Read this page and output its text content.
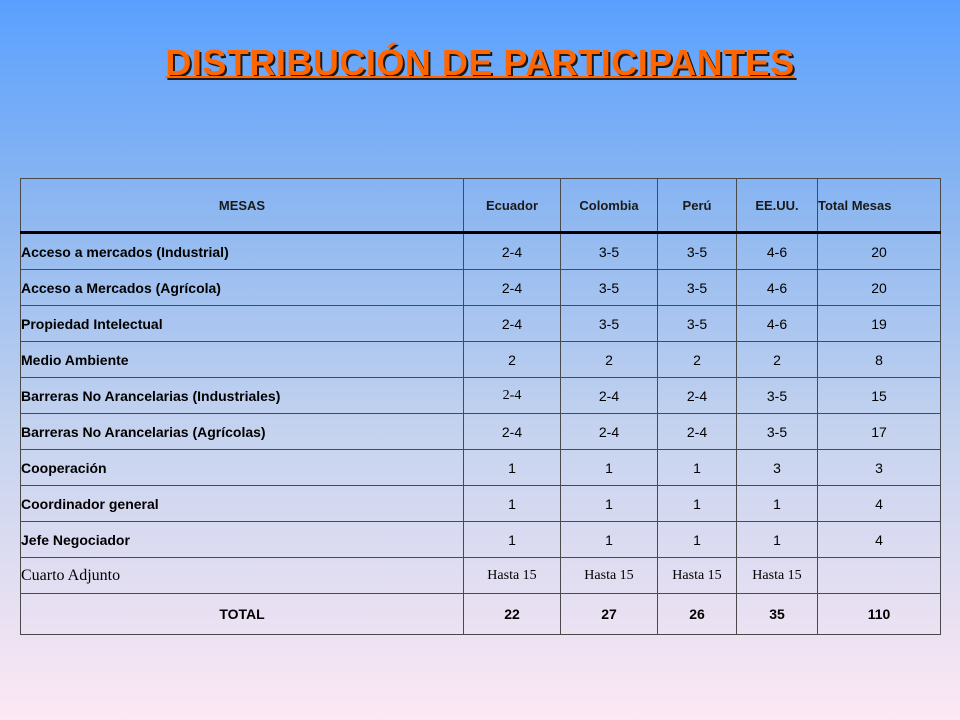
DISTRIBUCIÓN DE PARTICIPANTES
MESAS	Ecuador	Colombia	Perú	EE.UU.	Total Mesas
Acceso a mercados (Industrial)	2-4	3-5	3-5	4-6	20
Acceso a Mercados (Agrícola)	2-4	3-5	3-5	4-6	20
Propiedad Intelectual	2-4	3-5	3-5	4-6	19
Medio Ambiente	2	2	2	2	8
Barreras No Arancelarias (Industriales)	2-4	2-4	2-4	3-5	15
Barreras No Arancelarias (Agrícolas)	2-4	2-4	2-4	3-5	17
Cooperación	1	1	1	3	3
Coordinador general	1	1	1	1	4
Jefe Negociador	1	1	1	1	4
Cuarto Adjunto	Hasta 15	Hasta 15	Hasta 15	Hasta 15	
TOTAL	22	27	26	35	110
